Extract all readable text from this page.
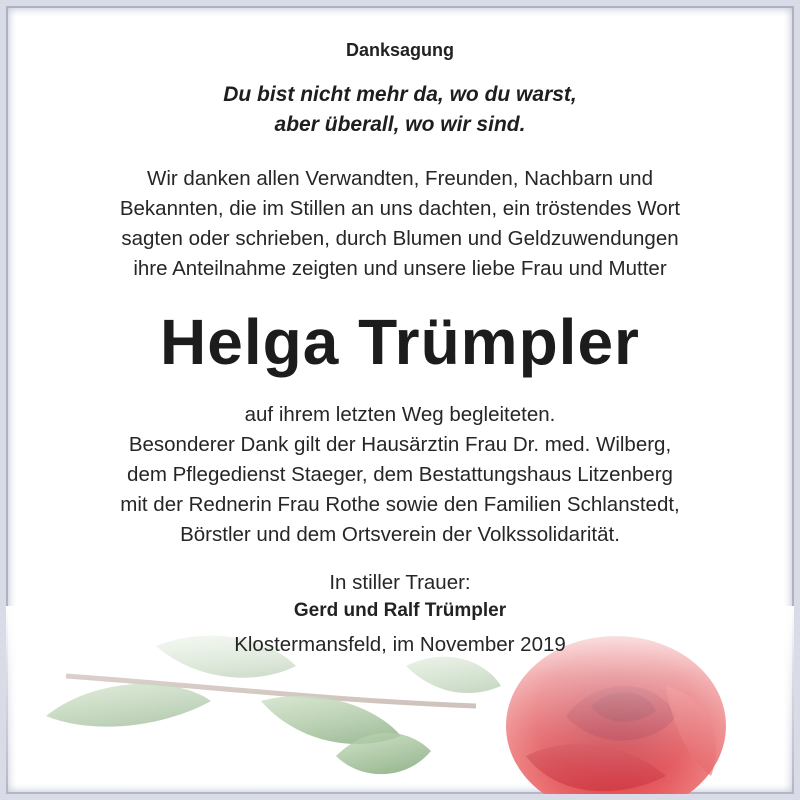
Danksagung
Du bist nicht mehr da, wo du warst,
aber überall, wo wir sind.
Wir danken allen Verwandten, Freunden, Nachbarn und
Bekannten, die im Stillen an uns dachten, ein tröstendes Wort
sagten oder schrieben, durch Blumen und Geldzuwendungen
ihre Anteilnahme zeigten und unsere liebe Frau und Mutter
Helga Trümpler
auf ihrem letzten Weg begleiteten.
Besonderer Dank gilt der Hausärztin Frau Dr. med. Wilberg,
dem Pflegedienst Staeger, dem Bestattungshaus Litzenberg
mit der Rednerin Frau Rothe sowie den Familien Schlanstedt,
Börstler und dem Ortsverein der Volkssolidarität.
In stiller Trauer:
Gerd und Ralf Trümpler
Klostermansfeld, im November 2019
